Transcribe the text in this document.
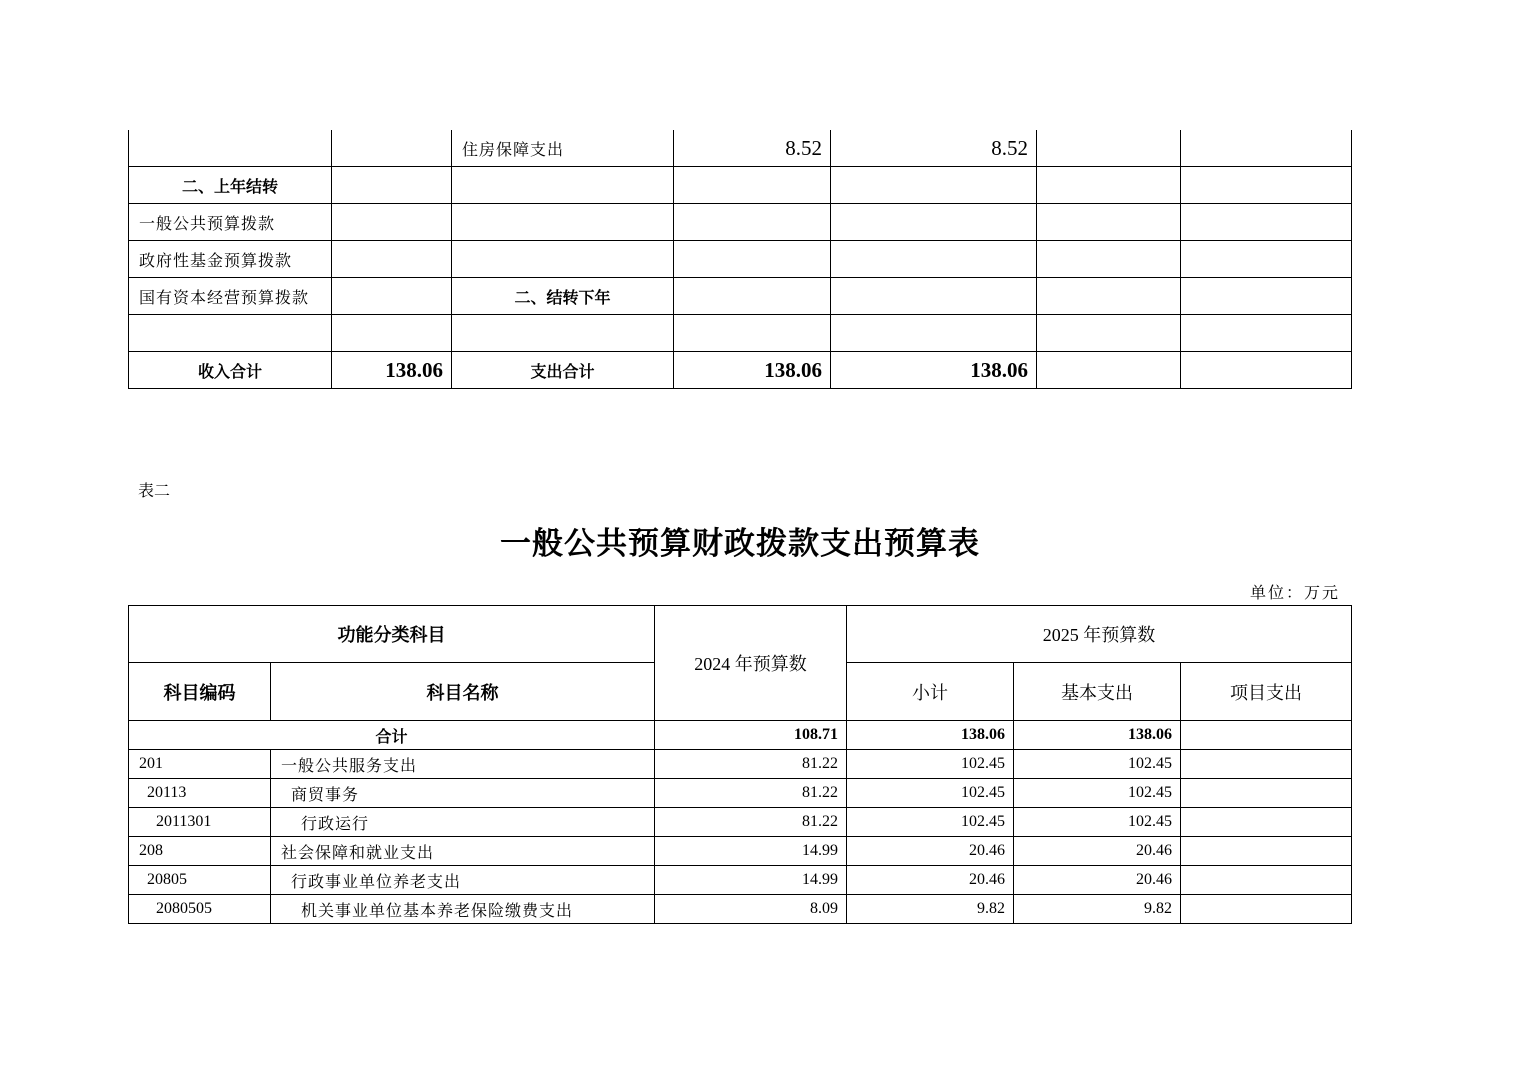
		住房保障支出	8.52	8.52		
二、上年结转						
一般公共预算拨款						
政府性基金预算拨款						
国有资本经营预算拨款		二、结转下年				

收入合计	138.06	支出合计	138.06	138.06		
表二
一般公共预算财政拨款支出预算表
单位：万元
功能分类科目		2024 年预算数	2025 年预算数		
科目编码	科目名称		小计	基本支出	项目支出
合计		108.71	138.06	138.06	
201	一般公共服务支出	81.22	102.45	102.45	
20113	商贸事务	81.22	102.45	102.45	
2011301	行政运行	81.22	102.45	102.45	
208	社会保障和就业支出	14.99	20.46	20.46	
20805	行政事业单位养老支出	14.99	20.46	20.46	
2080505	机关事业单位基本养老保险缴费支出	8.09	9.82	9.82	
